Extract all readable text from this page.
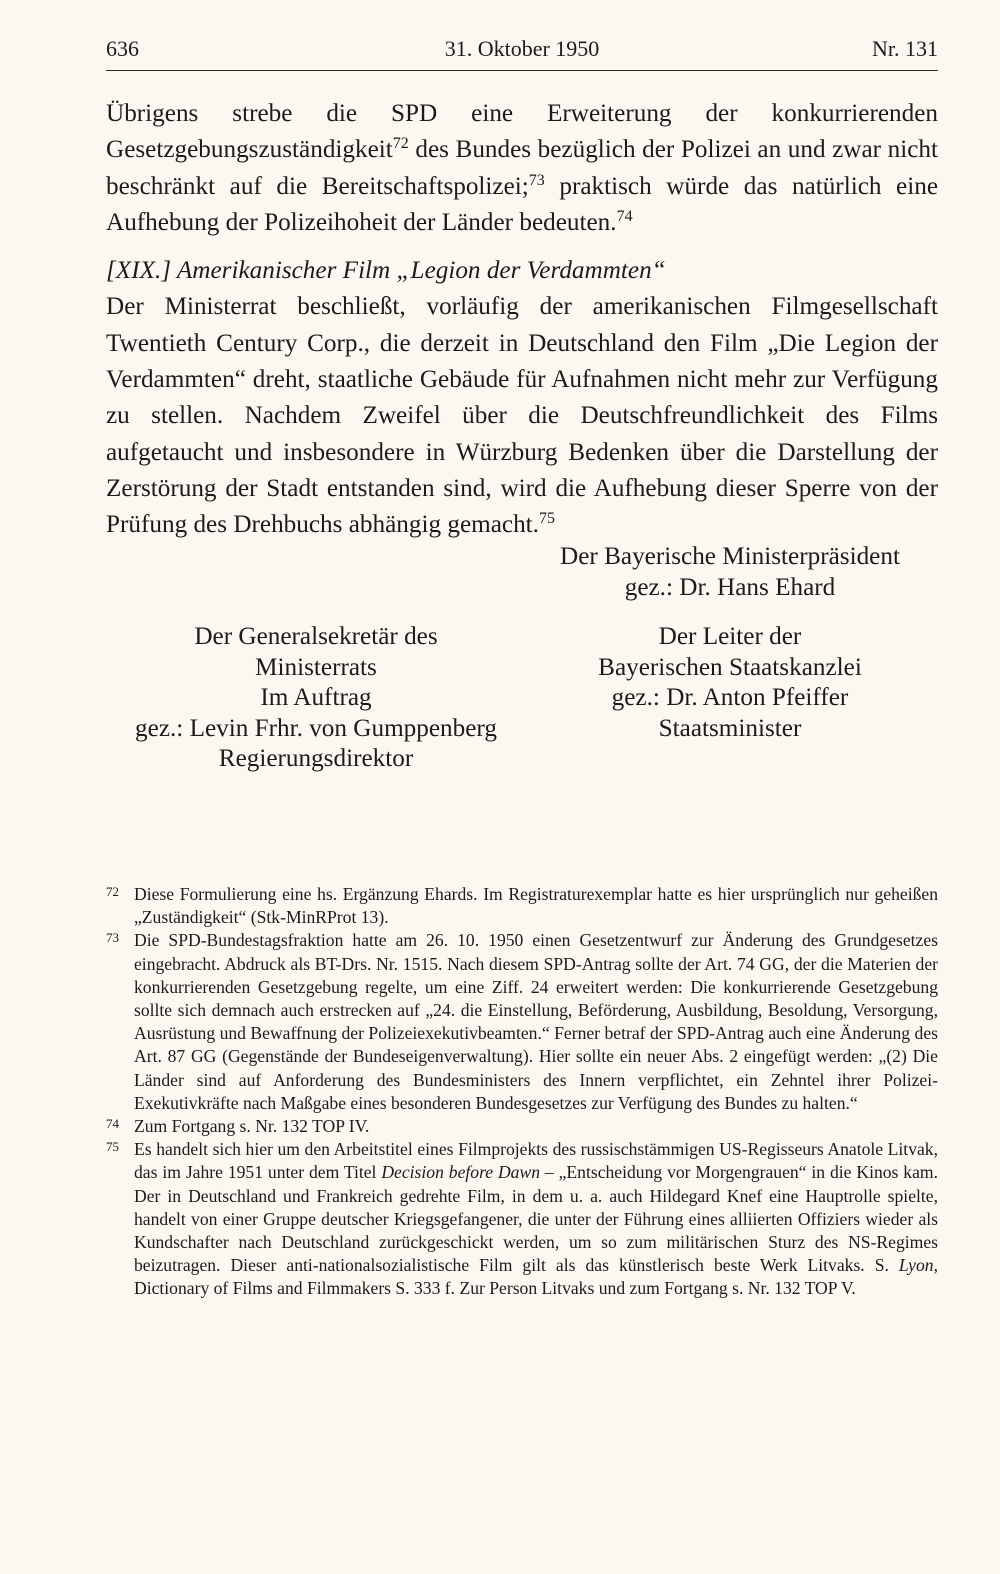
636	31. Oktober 1950	Nr. 131

Übrigens strebe die SPD eine Erweiterung der konkurrierenden Gesetzgebungszuständigkeit$^{72}$ des Bundes bezüglich der Polizei an und zwar nicht beschränkt auf die Bereitschaftspolizei;$^{73}$ praktisch würde das natürlich eine Aufhebung der Polizeihoheit der Länder bedeuten.$^{74}$

[XIX.] Amerikanischer Film „Legion der Verdammten“

Der Ministerrat beschließt, vorläufig der amerikanischen Filmgesellschaft Twentieth Century Corp., die derzeit in Deutschland den Film „Die Legion der Verdammten“ dreht, staatliche Gebäude für Aufnahmen nicht mehr zur Verfügung zu stellen. Nachdem Zweifel über die Deutschfreundlichkeit des Films aufgetaucht und insbesondere in Würzburg Bedenken über die Darstellung der Zerstörung der Stadt entstanden sind, wird die Aufhebung dieser Sperre von der Prüfung des Drehbuchs abhängig gemacht.$^{75}$

Der Bayerische Ministerpräsident
gez.: Dr. Hans Ehard
Der Generalsekretär des
Ministerrats
Im Auftrag
gez.: Levin Frhr. von Gumppenberg
Regierungsdirektor
Der Leiter der
Bayerischen Staatskanzlei
gez.: Dr. Anton Pfeiffer
Staatsminister

72 Diese Formulierung eine hs. Ergänzung Ehards. Im Registraturexemplar hatte es hier ursprünglich nur geheißen „Zuständigkeit“ (Stk-MinRProt 13).

73 Die SPD-Bundestagsfraktion hatte am 26. 10. 1950 einen Gesetzentwurf zur Änderung des Grundgesetzes eingebracht. Abdruck als BT-Drs. Nr. 1515. Nach diesem SPD-Antrag sollte der Art. 74 GG, der die Materien der konkurrierenden Gesetzgebung regelte, um eine Ziff. 24 erweitert werden: Die konkurrierende Gesetzgebung sollte sich demnach auch erstrecken auf „24. die Einstellung, Beförderung, Ausbildung, Besoldung, Versorgung, Ausrüstung und Bewaffnung der Polizeiexekutivbeamten.“ Ferner betraf der SPD-Antrag auch eine Änderung des Art. 87 GG (Gegenstände der Bundeseigenverwaltung). Hier sollte ein neuer Abs. 2 eingefügt werden: „(2) Die Länder sind auf Anforderung des Bundesministers des Innern verpflichtet, ein Zehntel ihrer Polizei-Exekutivkräfte nach Maßgabe eines besonderen Bundesgesetzes zur Verfügung des Bundes zu halten.“

74 Zum Fortgang s. Nr. 132 TOP IV.

75 Es handelt sich hier um den Arbeitstitel eines Filmprojekts des russischstämmigen US-Regisseurs Anatole Litvak, das im Jahre 1951 unter dem Titel Decision before Dawn – „Entscheidung vor Morgengrauen“ in die Kinos kam. Der in Deutschland und Frankreich gedrehte Film, in dem u. a. auch Hildegard Knef eine Hauptrolle spielte, handelt von einer Gruppe deutscher Kriegsgefangener, die unter der Führung eines alliierten Offiziers wieder als Kundschafter nach Deutschland zurückgeschickt werden, um so zum militärischen Sturz des NS-Regimes beizutragen. Dieser anti-nationalsozialistische Film gilt als das künstlerisch beste Werk Litvaks. S. Lyon, Dictionary of Films and Filmmakers S. 333 f. Zur Person Litvaks und zum Fortgang s. Nr. 132 TOP V.
